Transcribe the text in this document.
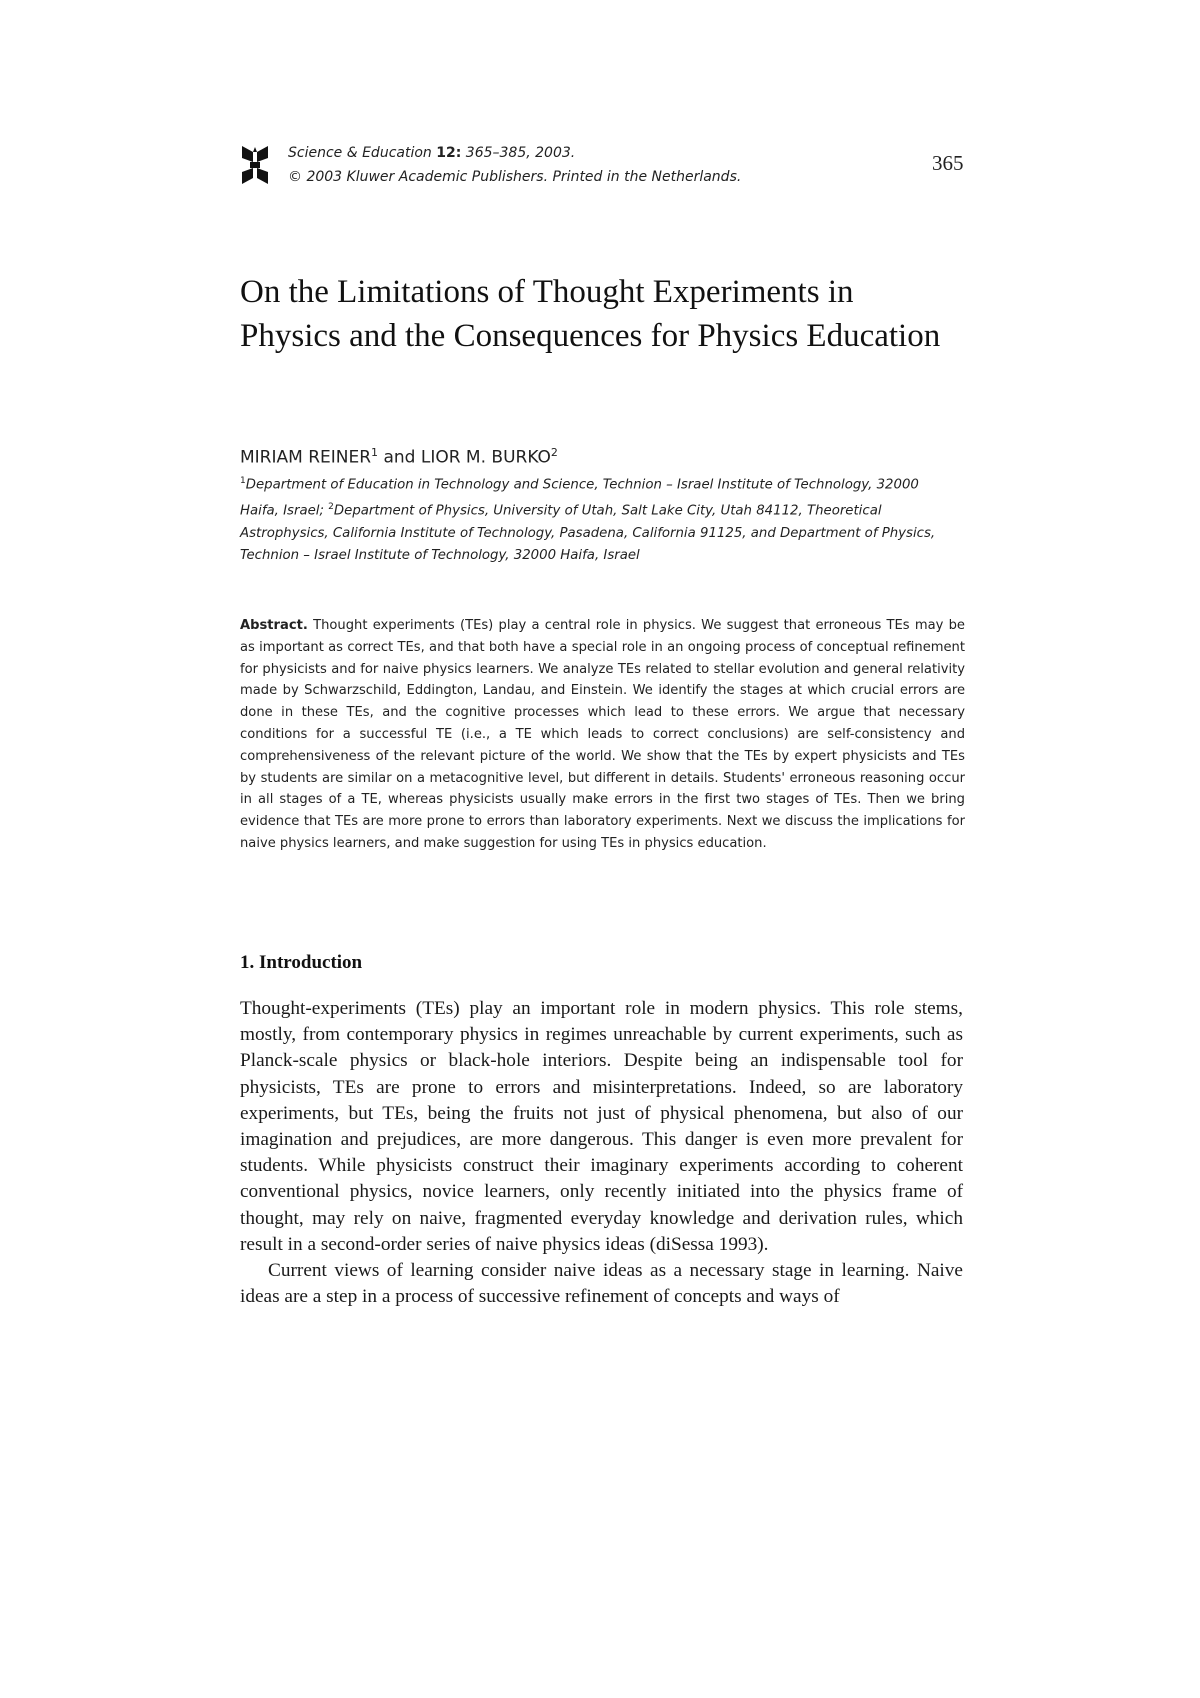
Science & Education 12: 365–385, 2003.
© 2003 Kluwer Academic Publishers. Printed in the Netherlands.
365
On the Limitations of Thought Experiments in Physics and the Consequences for Physics Education
MIRIAM REINER$^1$ and LIOR M. BURKO$^2$
$^1$Department of Education in Technology and Science, Technion – Israel Institute of Technology, 32000 Haifa, Israel; $^2$Department of Physics, University of Utah, Salt Lake City, Utah 84112, Theoretical Astrophysics, California Institute of Technology, Pasadena, California 91125, and Department of Physics, Technion – Israel Institute of Technology, 32000 Haifa, Israel
Abstract. Thought experiments (TEs) play a central role in physics. We suggest that erroneous TEs may be as important as correct TEs, and that both have a special role in an ongoing process of conceptual refinement for physicists and for naive physics learners. We analyze TEs related to stellar evolution and general relativity made by Schwarzschild, Eddington, Landau, and Einstein. We identify the stages at which crucial errors are done in these TEs, and the cognitive processes which lead to these errors. We argue that necessary conditions for a successful TE (i.e., a TE which leads to correct conclusions) are self-consistency and comprehensiveness of the relevant picture of the world. We show that the TEs by expert physicists and TEs by students are similar on a metacognitive level, but different in details. Students' erroneous reasoning occur in all stages of a TE, whereas physicists usually make errors in the first two stages of TEs. Then we bring evidence that TEs are more prone to errors than laboratory experiments. Next we discuss the implications for naive physics learners, and make suggestion for using TEs in physics education.
1. Introduction

Thought-experiments (TEs) play an important role in modern physics. This role stems, mostly, from contemporary physics in regimes unreachable by current experiments, such as Planck-scale physics or black-hole interiors. Despite being an indispensable tool for physicists, TEs are prone to errors and misinterpretations. Indeed, so are laboratory experiments, but TEs, being the fruits not just of physical phenomena, but also of our imagination and prejudices, are more dangerous. This danger is even more prevalent for students. While physicists construct their imaginary experiments according to coherent conventional physics, novice learners, only recently initiated into the physics frame of thought, may rely on naive, fragmented everyday knowledge and derivation rules, which result in a second-order series of naive physics ideas (diSessa 1993).

Current views of learning consider naive ideas as a necessary stage in learning. Naive ideas are a step in a process of successive refinement of concepts and ways of
